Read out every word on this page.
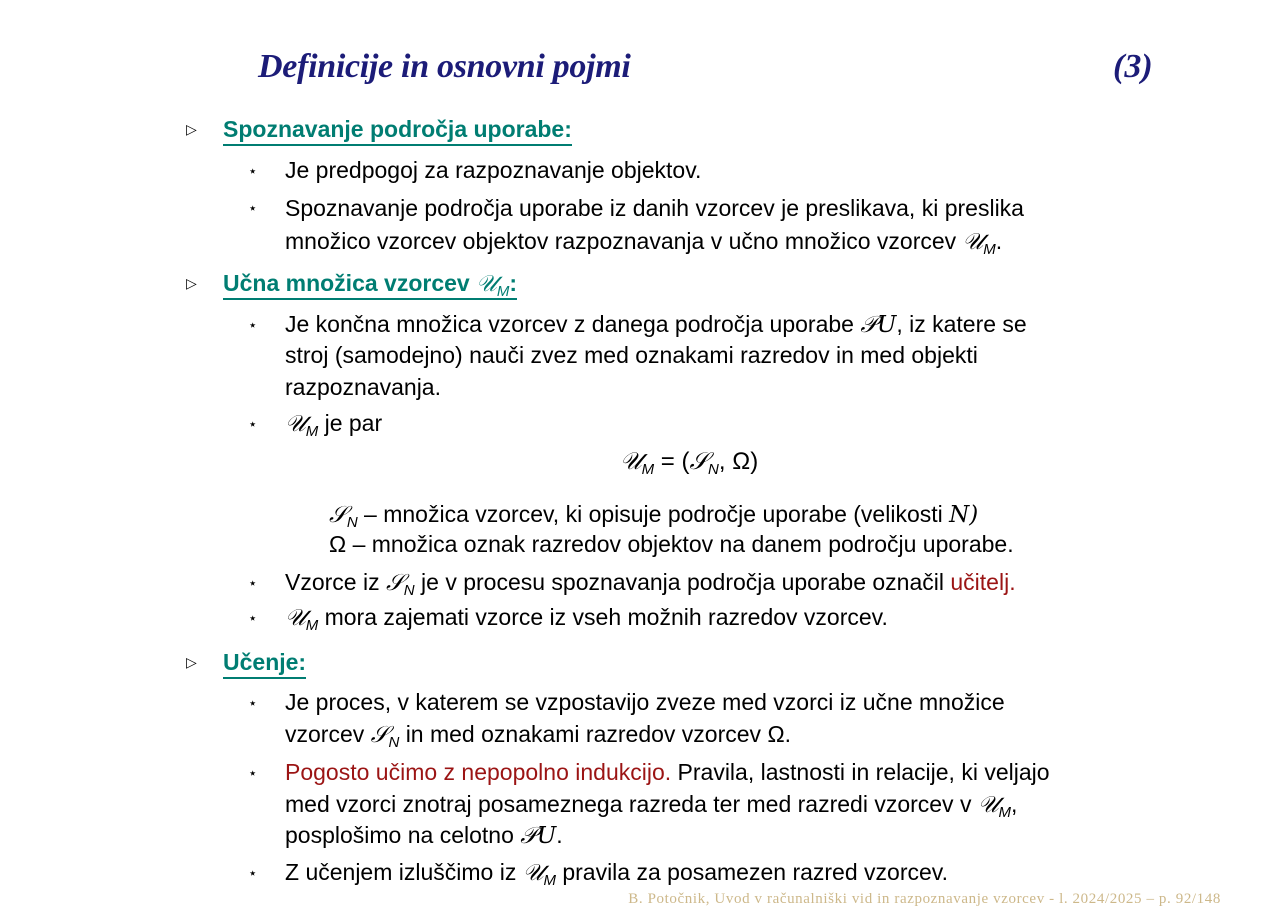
Definicije in osnovni pojmi	(3)
▷ Spoznavanje področja uporabe:
⋆ Je predpogoj za razpoznavanje objektov.
⋆ Spoznavanje področja uporabe iz danih vzorcev je preslikava, ki preslika
množico vzorcev objektov razpoznavanja v učno množico vzorcev 𝒰$_M$.
▷ Učna množica vzorcev 𝒰$_M$:
⋆ Je končna množica vzorcev z danega področja uporabe 𝒫U, iz katere se
stroj (samodejno) nauči zvez med oznakami razredov in med objekti
razpoznavanja.
⋆ 𝒰$_M$ je par
𝒰$_M$ = (𝒮$_N$, Ω)
𝒮$_N$ – množica vzorcev, ki opisuje področje uporabe (velikosti N)
Ω – množica oznak razredov objektov na danem področju uporabe.
⋆ Vzorce iz 𝒮$_N$ je v procesu spoznavanja področja uporabe označil učitelj.
⋆ 𝒰$_M$ mora zajemati vzorce iz vseh možnih razredov vzorcev.
▷ Učenje:
⋆ Je proces, v katerem se vzpostavijo zveze med vzorci iz učne množice
vzorcev 𝒮$_N$ in med oznakami razredov vzorcev Ω.
⋆ Pogosto učimo z nepopolno indukcijo. Pravila, lastnosti in relacije, ki veljajo
med vzorci znotraj posameznega razreda ter med razredi vzorcev v 𝒰$_M$,
posplošimo na celotno 𝒫U.
⋆ Z učenjem izluščimo iz 𝒰$_M$ pravila za posamezen razred vzorcev.
B. Potočnik, Uvod v računalniški vid in razpoznavanje vzorcev - l. 2024/2025 – p. 92/148
